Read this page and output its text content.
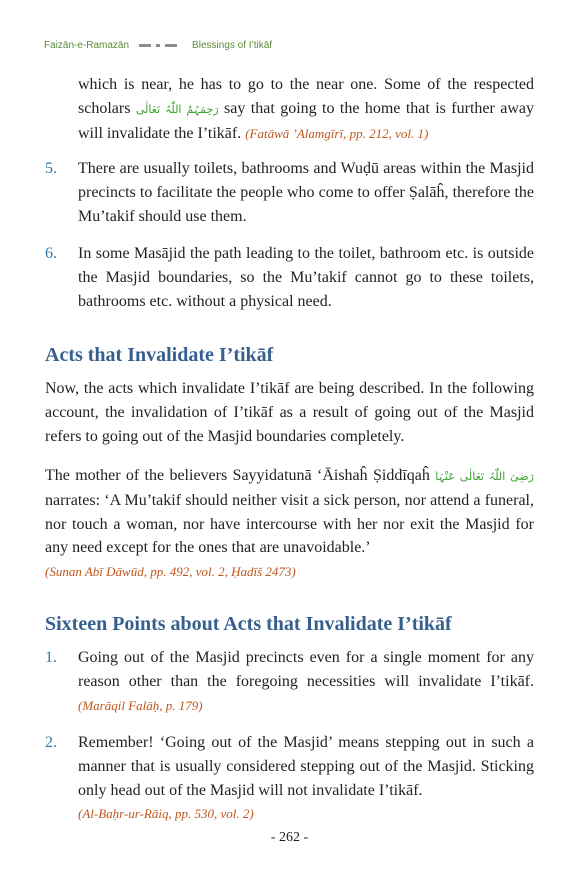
Faizān-e-Ramazān	Blessings of I’tikāf
which is near, he has to go to the near one. Some of the respected scholars رَحِمَہُمُ اللّٰہُ تَعَالٰی say that going to the home that is further away will invalidate the I’tikāf. (Fatāwā ’Alamgīrī, pp. 212, vol. 1)
5. There are usually toilets, bathrooms and Wuḍū areas within the Masjid precincts to facilitate the people who come to offer Ṣalāĥ, therefore the Mu’takif should use them.
6. In some Masājid the path leading to the toilet, bathroom etc. is outside the Masjid boundaries, so the Mu’takif cannot go to these toilets, bathrooms etc. without a physical need.
Acts that Invalidate I’tikāf
Now, the acts which invalidate I’tikāf are being described. In the following account, the invalidation of I’tikāf as a result of going out of the Masjid refers to going out of the Masjid boundaries completely.
The mother of the believers Sayyidatunā ‘Āishaĥ Ṣiddīqaĥ رَضِیَ اللّٰہُ تَعَالٰی عَنْہَا narrates: ‘A Mu’takif should neither visit a sick person, nor attend a funeral, nor touch a woman, nor have intercourse with her nor exit the Masjid for any need except for the ones that are unavoidable.’
(Sunan Abī Dāwūd, pp. 492, vol. 2, Ḥadīš 2473)
Sixteen Points about Acts that Invalidate I’tikāf
1. Going out of the Masjid precincts even for a single moment for any reason other than the foregoing necessities will invalidate I’tikāf. (Marāqil Falāḥ, p. 179)
2. Remember! ‘Going out of the Masjid’ means stepping out in such a manner that is usually considered stepping out of the Masjid. Sticking only head out of the Masjid will not invalidate I’tikāf.
(Al-Baḥr-ur-Rāiq, pp. 530, vol. 2)
- 262 -
